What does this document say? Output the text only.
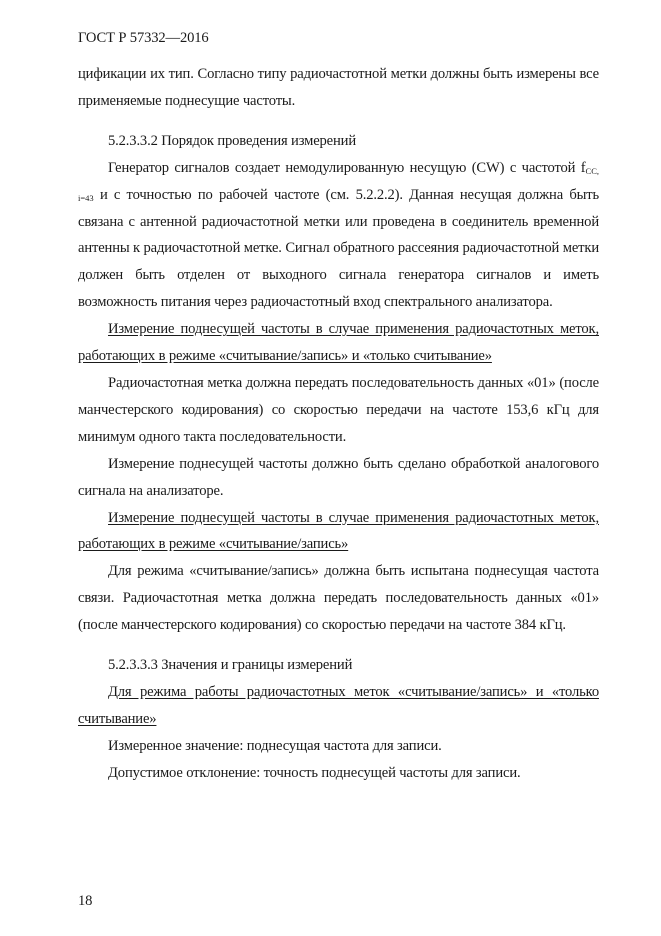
ГОСТ Р 57332—2016

цификации их тип. Согласно типу радиочастотной метки должны быть измерены все применяемые поднесущие частоты.

5.2.3.3.2 Порядок проведения измерений

Генератор сигналов создает немодулированную несущую (CW) с частотой $f_{CC, i=43}$ и с точностью по рабочей частоте (см. 5.2.2.2). Данная несущая должна быть связана с антенной радиочастотной метки или проведена в соединитель временной антенны к радиочастотной метке. Сигнал обратного рассеяния радиочастотной метки должен быть отделен от выходного сигнала генератора сигналов и иметь возможность питания через радиочастотный вход спектрального анализатора.

Измерение поднесущей частоты в случае применения радиочастотных меток, работающих в режиме «считывание/запись» и «только считывание»

Радиочастотная метка должна передать последовательность данных «01» (после манчестерского кодирования) со скоростью передачи на частоте 153,6 кГц для минимум одного такта последовательности.

Измерение поднесущей частоты должно быть сделано обработкой аналогового сигнала на анализаторе.

Измерение поднесущей частоты в случае применения радиочастотных меток, работающих в режиме «считывание/запись»

Для режима «считывание/запись» должна быть испытана поднесущая частота связи. Радиочастотная метка должна передать последовательность данных «01» (после манчестерского кодирования) со скоростью передачи на частоте 384 кГц.

5.2.3.3.3 Значения и границы измерений

Для режима работы радиочастотных меток «считывание/запись» и «только считывание»

Измеренное значение: поднесущая частота для записи.

Допустимое отклонение: точность поднесущей частоты для записи.

18
